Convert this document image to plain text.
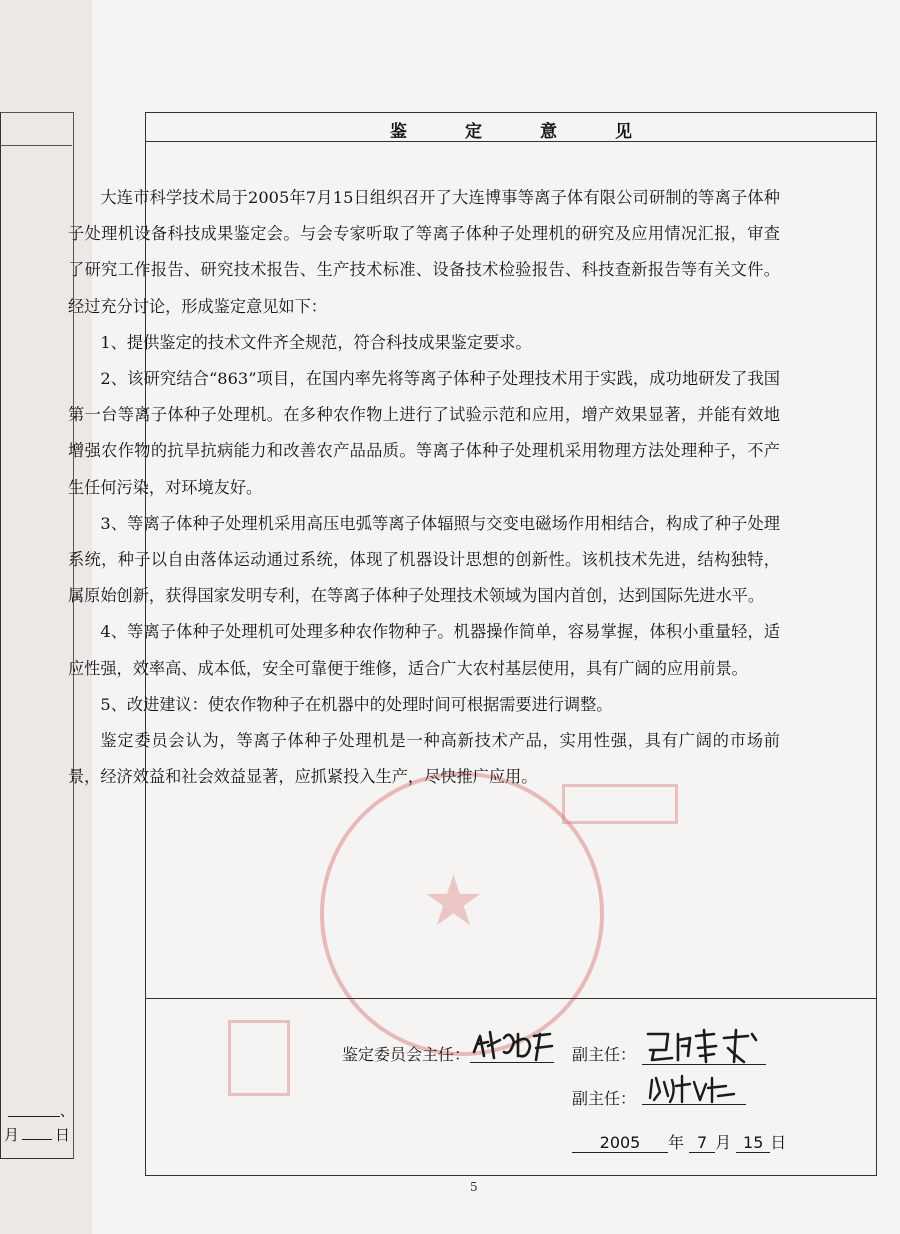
、
月 日
★
鉴定意见

大连市科学技术局于2005年7月15日组织召开了大连博事等离子体有限公司研制的等离子体种子处理机设备科技成果鉴定会。与会专家听取了等离子体种子处理机的研究及应用情况汇报，审查了研究工作报告、研究技术报告、生产技术标准、设备技术检验报告、科技查新报告等有关文件。经过充分讨论，形成鉴定意见如下：

1、提供鉴定的技术文件齐全规范，符合科技成果鉴定要求。

2、该研究结合“863”项目，在国内率先将等离子体种子处理技术用于实践，成功地研发了我国第一台等离子体种子处理机。在多种农作物上进行了试验示范和应用，增产效果显著，并能有效地增强农作物的抗旱抗病能力和改善农产品品质。等离子体种子处理机采用物理方法处理种子，不产生任何污染，对环境友好。

3、等离子体种子处理机采用高压电弧等离子体辐照与交变电磁场作用相结合，构成了种子处理系统，种子以自由落体运动通过系统，体现了机器设计思想的创新性。该机技术先进，结构独特，属原始创新，获得国家发明专利，在等离子体种子处理技术领域为国内首创，达到国际先进水平。

4、等离子体种子处理机可处理多种农作物种子。机器操作简单，容易掌握，体积小重量轻，适应性强，效率高、成本低，安全可靠便于维修，适合广大农村基层使用，具有广阔的应用前景。

5、改进建议：使农作物种子在机器中的处理时间可根据需要进行调整。

鉴定委员会认为，等离子体种子处理机是一种高新技术产品，实用性强，具有广阔的市场前景，经济效益和社会效益显著，应抓紧投入生产，尽快推广应用。

鉴定委员会主任：	副主任：
副主任：
2005 年 7 月 15 日
5
